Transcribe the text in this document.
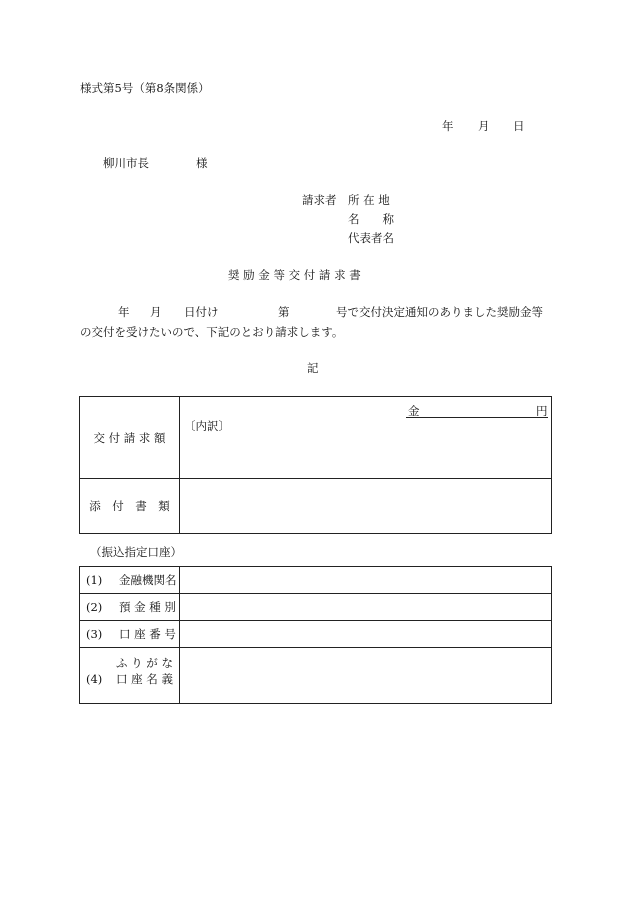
様式第5号（第8条関係）
年 月 日
柳川市長	様
請求者 所 在 地
名　　称
代表者名
奨 励 金 等 交 付 請 求 書
年 月 日付け	第	号で交付決定通知のありました奨励金等
の交付を受けたいので、下記のとおり請求します。
記
交 付 請 求 額	金 円
〔内訳〕

添　付　書　類	
（振込指定口座）
(1) 金融機関名	
(2) 預 金 種 別	
(3) 口 座 番 号	

ふ り が な
(4) 口 座 名 義	
